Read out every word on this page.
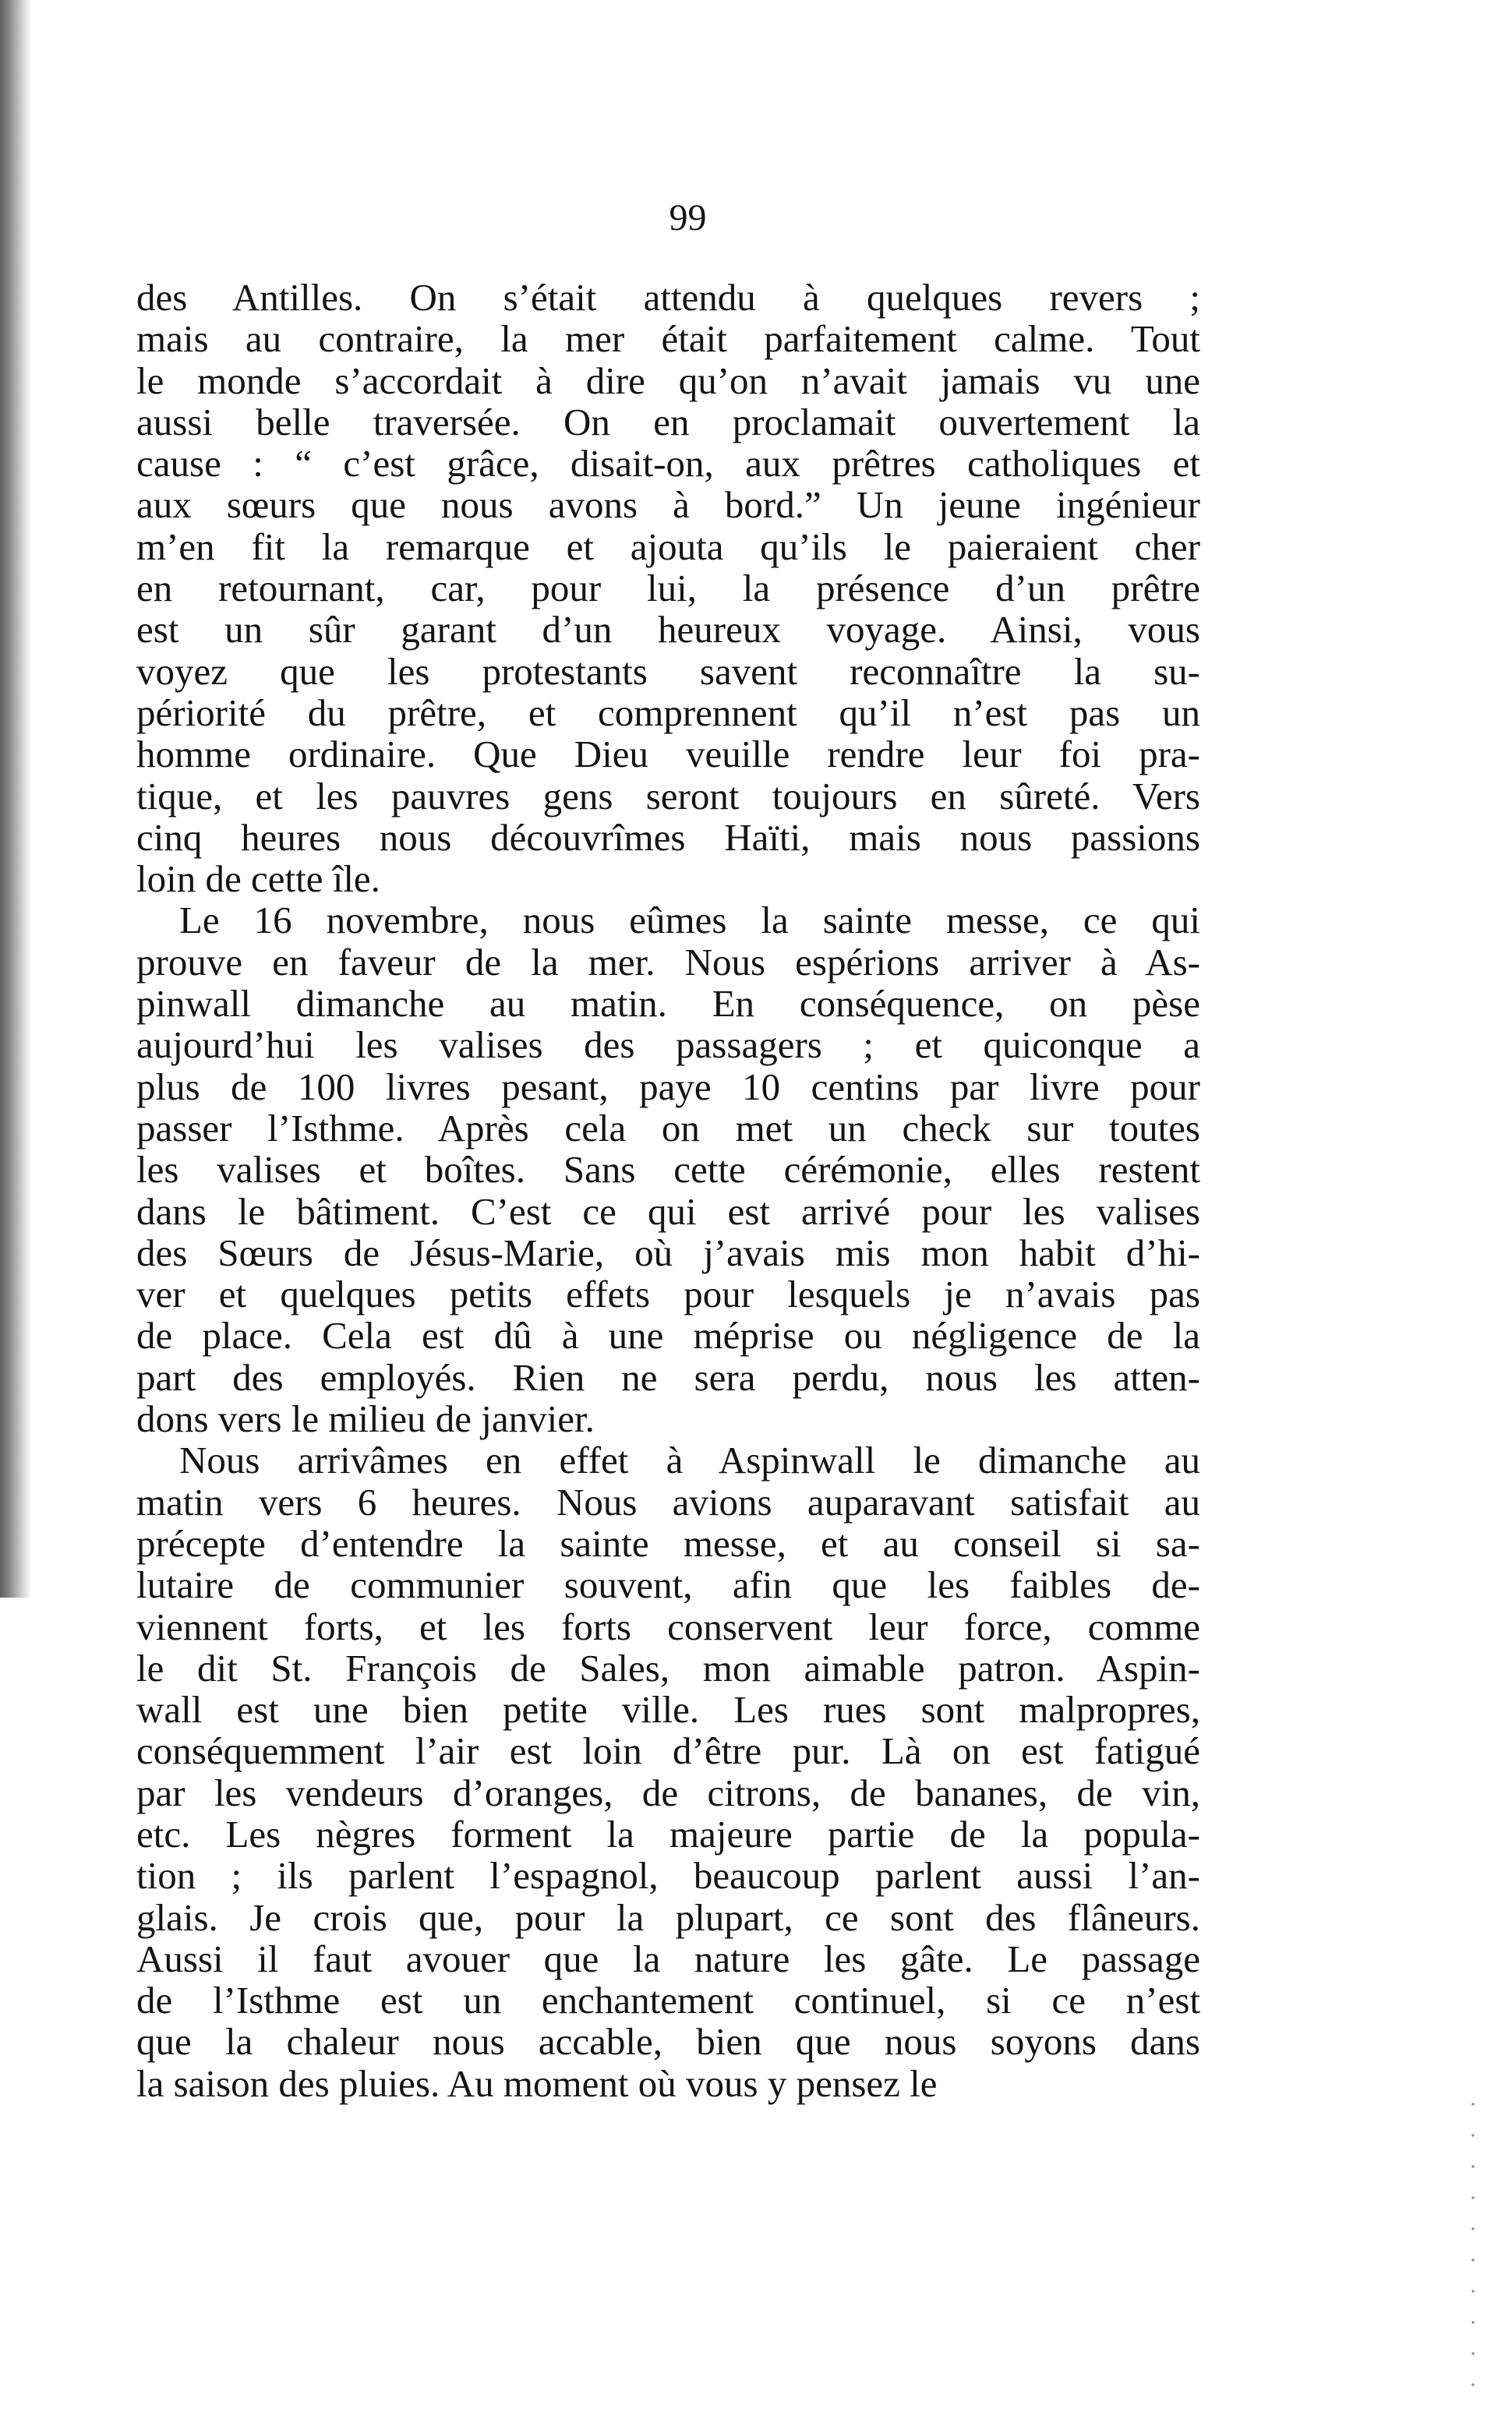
99
des Antilles. On s’était attendu à quelques revers ;
mais au contraire, la mer était parfaitement calme. Tout
le monde s’accordait à dire qu’on n’avait jamais vu une
aussi belle traversée. On en proclamait ouvertement la
cause : “ c’est grâce, disait-on, aux prêtres catholiques et
aux sœurs que nous avons à bord.” Un jeune ingénieur
m’en fit la remarque et ajouta qu’ils le paieraient cher
en retournant, car, pour lui, la présence d’un prêtre
est un sûr garant d’un heureux voyage. Ainsi, vous
voyez que les protestants savent reconnaître la su-
périorité du prêtre, et comprennent qu’il n’est pas un
homme ordinaire. Que Dieu veuille rendre leur foi pra-
tique, et les pauvres gens seront toujours en sûreté. Vers
cinq heures nous découvrîmes Haïti, mais nous passions
loin de cette île.
Le 16 novembre, nous eûmes la sainte messe, ce qui
prouve en faveur de la mer. Nous espérions arriver à As-
pinwall dimanche au matin. En conséquence, on pèse
aujourd’hui les valises des passagers ; et quiconque a
plus de 100 livres pesant, paye 10 centins par livre pour
passer l’Isthme. Après cela on met un check sur toutes
les valises et boîtes. Sans cette cérémonie, elles restent
dans le bâtiment. C’est ce qui est arrivé pour les valises
des Sœurs de Jésus-Marie, où j’avais mis mon habit d’hi-
ver et quelques petits effets pour lesquels je n’avais pas
de place. Cela est dû à une méprise ou négligence de la
part des employés. Rien ne sera perdu, nous les atten-
dons vers le milieu de janvier.
Nous arrivâmes en effet à Aspinwall le dimanche au
matin vers 6 heures. Nous avions auparavant satisfait au
précepte d’entendre la sainte messe, et au conseil si sa-
lutaire de communier souvent, afin que les faibles de-
viennent forts, et les forts conservent leur force, comme
le dit St. François de Sales, mon aimable patron. Aspin-
wall est une bien petite ville. Les rues sont malpropres,
conséquemment l’air est loin d’être pur. Là on est fatigué
par les vendeurs d’oranges, de citrons, de bananes, de vin,
etc. Les nègres forment la majeure partie de la popula-
tion ; ils parlent l’espagnol, beaucoup parlent aussi l’an-
glais. Je crois que, pour la plupart, ce sont des flâneurs.
Aussi il faut avouer que la nature les gâte. Le passage
de l’Isthme est un enchantement continuel, si ce n’est
que la chaleur nous accable, bien que nous soyons dans
la saison des pluies. Au moment où vous y pensez le
